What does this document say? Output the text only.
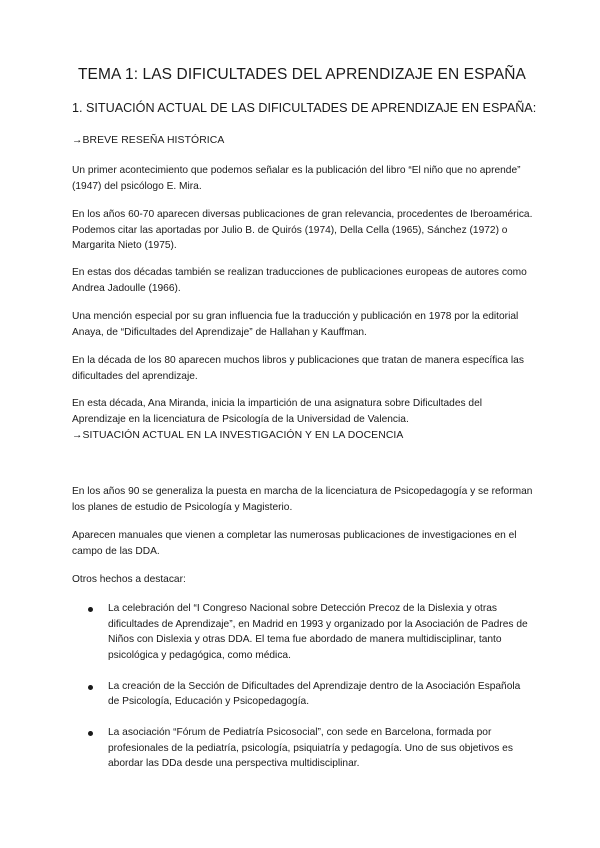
TEMA 1: LAS DIFICULTADES DEL APRENDIZAJE EN ESPAÑA
1. SITUACIÓN ACTUAL DE LAS DIFICULTADES DE APRENDIZAJE EN ESPAÑA:
→BREVE RESEÑA HISTÓRICA

Un primer acontecimiento que podemos señalar es la publicación del libro “El niño que no aprende” (1947) del psicólogo E. Mira.

En los años 60-70 aparecen diversas publicaciones de gran relevancia, procedentes de Iberoamérica. Podemos citar las aportadas por Julio B. de Quirós (1974), Della Cella (1965), Sánchez (1972) o Margarita Nieto (1975).

En estas dos décadas también se realizan traducciones de publicaciones europeas de autores como Andrea Jadoulle (1966).

Una mención especial por su gran influencia fue la traducción y publicación en 1978 por la editorial Anaya, de “Dificultades del Aprendizaje” de Hallahan y Kauffman.

En la década de los 80 aparecen muchos libros y publicaciones que tratan de manera específica las dificultades del aprendizaje.

En esta década, Ana Miranda, inicia la impartición de una asignatura sobre Dificultades del Aprendizaje en la licenciatura de Psicología de la Universidad de Valencia.

→SITUACIÓN ACTUAL EN LA INVESTIGACIÓN Y EN LA DOCENCIA

En los años 90 se generaliza la puesta en marcha de la licenciatura de Psicopedagogía y se reforman los planes de estudio de Psicología y Magisterio.

Aparecen manuales que vienen a completar las numerosas publicaciones de investigaciones en el campo de las DDA.

Otros hechos a destacar:

La celebración del “I Congreso Nacional sobre Detección Precoz de la Dislexia y otras dificultades de Aprendizaje”, en Madrid en 1993 y organizado por la Asociación de Padres de Niños con Dislexia y otras DDA. El tema fue abordado de manera multidisciplinar, tanto psicológica y pedagógica, como médica.
La creación de la Sección de Dificultades del Aprendizaje dentro de la Asociación Española de Psicología, Educación y Psicopedagogía.
La asociación “Fórum de Pediatría Psicosocial”, con sede en Barcelona, formada por profesionales de la pediatría, psicología, psiquiatría y pedagogía. Uno de sus objetivos es abordar las DDa desde una perspectiva multidisciplinar.
